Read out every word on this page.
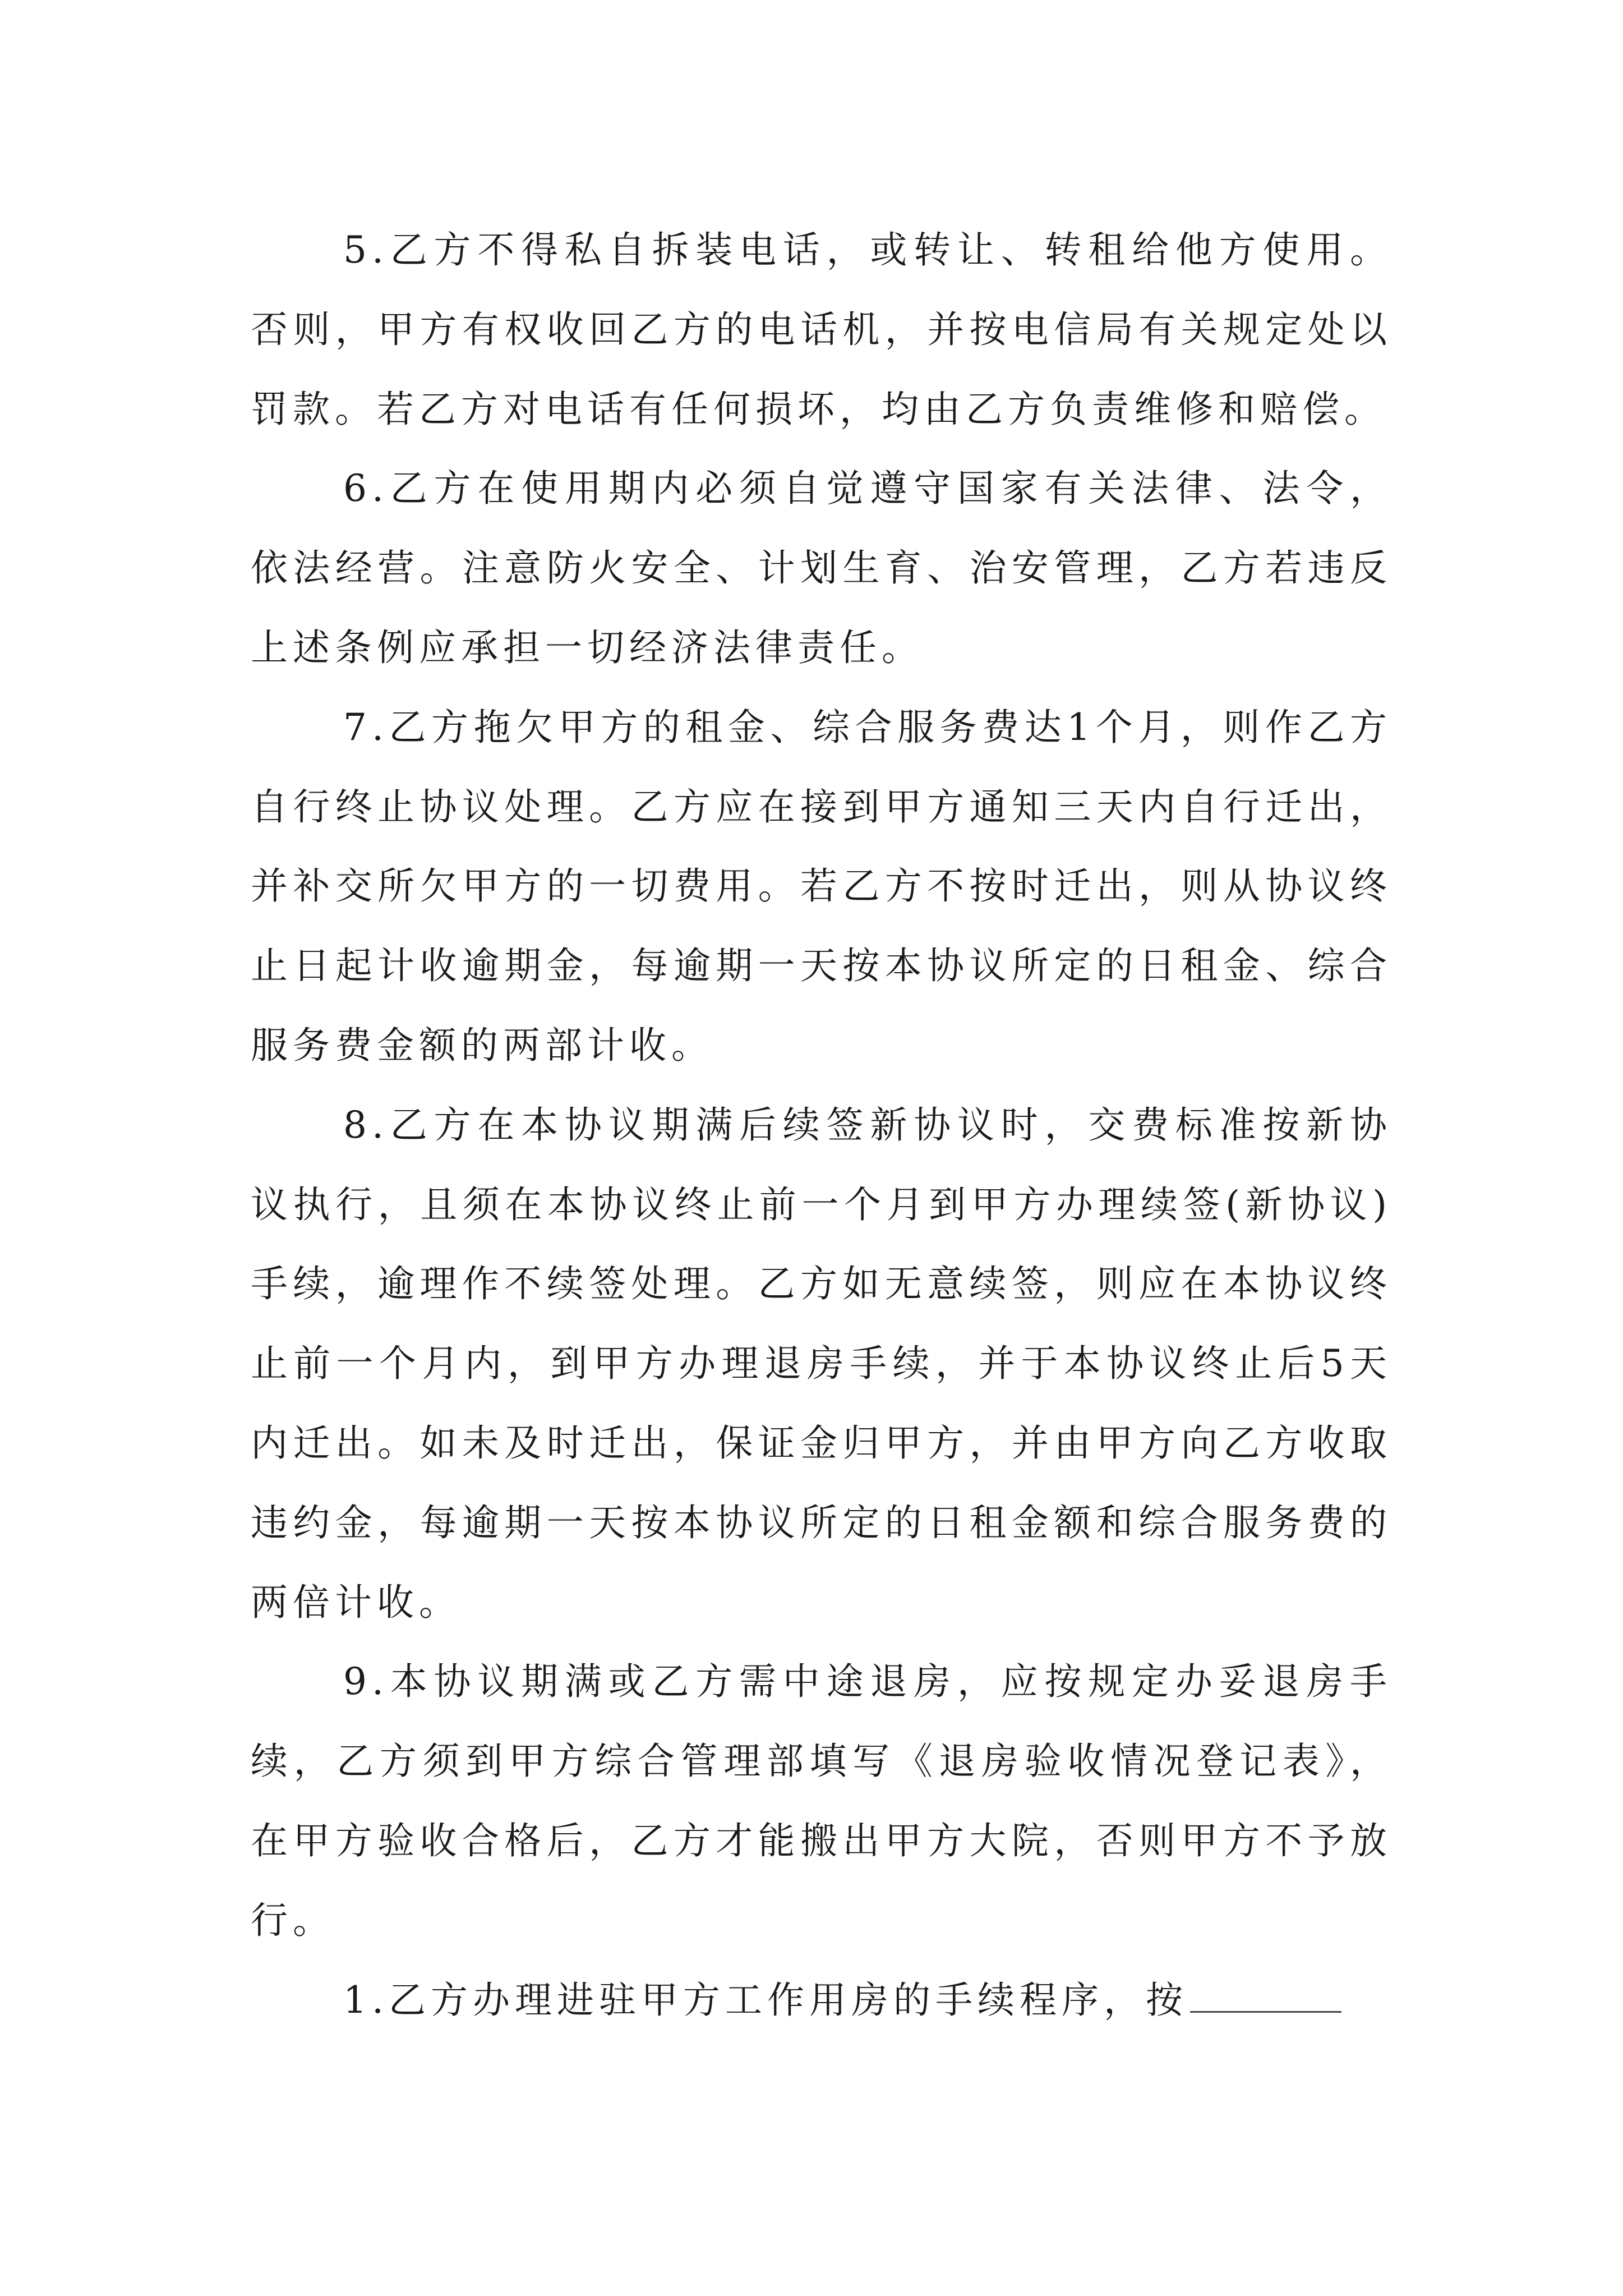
5.乙方不得私自拆装电话，或转让、转租给他方使用。否则，甲方有权收回乙方的电话机，并按电信局有关规定处以罚款。若乙方对电话有任何损坏，均由乙方负责维修和赔偿。

6.乙方在使用期内必须自觉遵守国家有关法律、法令，依法经营。注意防火安全、计划生育、治安管理，乙方若违反上述条例应承担一切经济法律责任。

7.乙方拖欠甲方的租金、综合服务费达1个月，则作乙方自行终止协议处理。乙方应在接到甲方通知三天内自行迁出，并补交所欠甲方的一切费用。若乙方不按时迁出，则从协议终止日起计收逾期金，每逾期一天按本协议所定的日租金、综合服务费金额的两部计收。

8.乙方在本协议期满后续签新协议时，交费标准按新协议执行，且须在本协议终止前一个月到甲方办理续签(新协议)手续，逾理作不续签处理。乙方如无意续签，则应在本协议终止前一个月内，到甲方办理退房手续，并于本协议终止后5天内迁出。如未及时迁出，保证金归甲方，并由甲方向乙方收取违约金，每逾期一天按本协议所定的日租金额和综合服务费的两倍计收。

9.本协议期满或乙方需中途退房，应按规定办妥退房手续，乙方须到甲方综合管理部填写《退房验收情况登记表》，在甲方验收合格后，乙方才能搬出甲方大院，否则甲方不予放行。

1.乙方办理进驻甲方工作用房的手续程序，按
